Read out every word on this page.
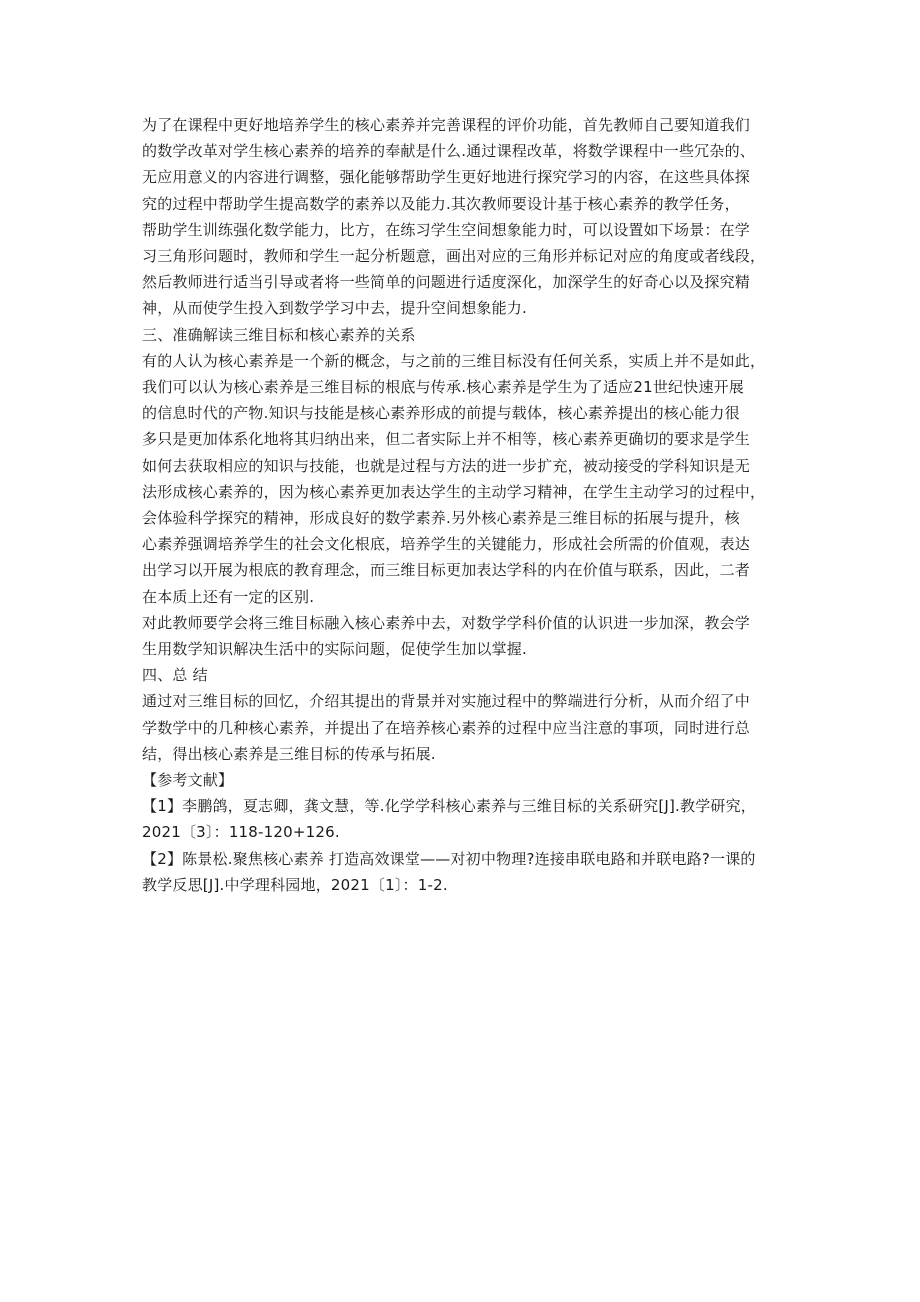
为了在课程中更好地培养学生的核心素养并完善课程的评价功能，首先教师自己要知道我们
的数学改革对学生核心素养的培养的奉献是什么.通过课程改革，将数学课程中一些冗杂的、
无应用意义的内容进行调整，强化能够帮助学生更好地进行探究学习的内容，在这些具体探
究的过程中帮助学生提高数学的素养以及能力.其次教师要设计基于核心素养的教学任务，
帮助学生训练强化数学能力，比方，在练习学生空间想象能力时，可以设置如下场景：在学
习三角形问题时，教师和学生一起分析题意，画出对应的三角形并标记对应的角度或者线段，
然后教师进行适当引导或者将一些简单的问题进行适度深化，加深学生的好奇心以及探究精
神，从而使学生投入到数学学习中去，提升空间想象能力.
三、准确解读三维目标和核心素养的关系
有的人认为核心素养是一个新的概念，与之前的三维目标没有任何关系，实质上并不是如此，
我们可以认为核心素养是三维目标的根底与传承.核心素养是学生为了适应21世纪快速开展
的信息时代的产物.知识与技能是核心素养形成的前提与载体，核心素养提出的核心能力很
多只是更加体系化地将其归纳出来，但二者实际上并不相等，核心素养更确切的要求是学生
如何去获取相应的知识与技能，也就是过程与方法的进一步扩充，被动接受的学科知识是无
法形成核心素养的，因为核心素养更加表达学生的主动学习精神，在学生主动学习的过程中，
会体验科学探究的精神，形成良好的数学素养.另外核心素养是三维目标的拓展与提升，核
心素养强调培养学生的社会文化根底，培养学生的关键能力，形成社会所需的价值观，表达
出学习以开展为根底的教育理念，而三维目标更加表达学科的内在价值与联系，因此，二者
在本质上还有一定的区别.
对此教师要学会将三维目标融入核心素养中去，对数学学科价值的认识进一步加深，教会学
生用数学知识解决生活中的实际问题，促使学生加以掌握.
四、总 结
通过对三维目标的回忆，介绍其提出的背景并对实施过程中的弊端进行分析，从而介绍了中
学数学中的几种核心素养，并提出了在培养核心素养的过程中应当注意的事项，同时进行总
结，得出核心素养是三维目标的传承与拓展.
【参考文献】
【1】李鹏鸽，夏志卿，龚文慧，等.化学学科核心素养与三维目标的关系研究[J].教学研究，
2021〔3〕：118-120+126.
【2】陈景松.聚焦核心素养 打造高效课堂——对初中物理?连接串联电路和并联电路?一课的
教学反思[J].中学理科园地，2021〔1〕：1-2.
